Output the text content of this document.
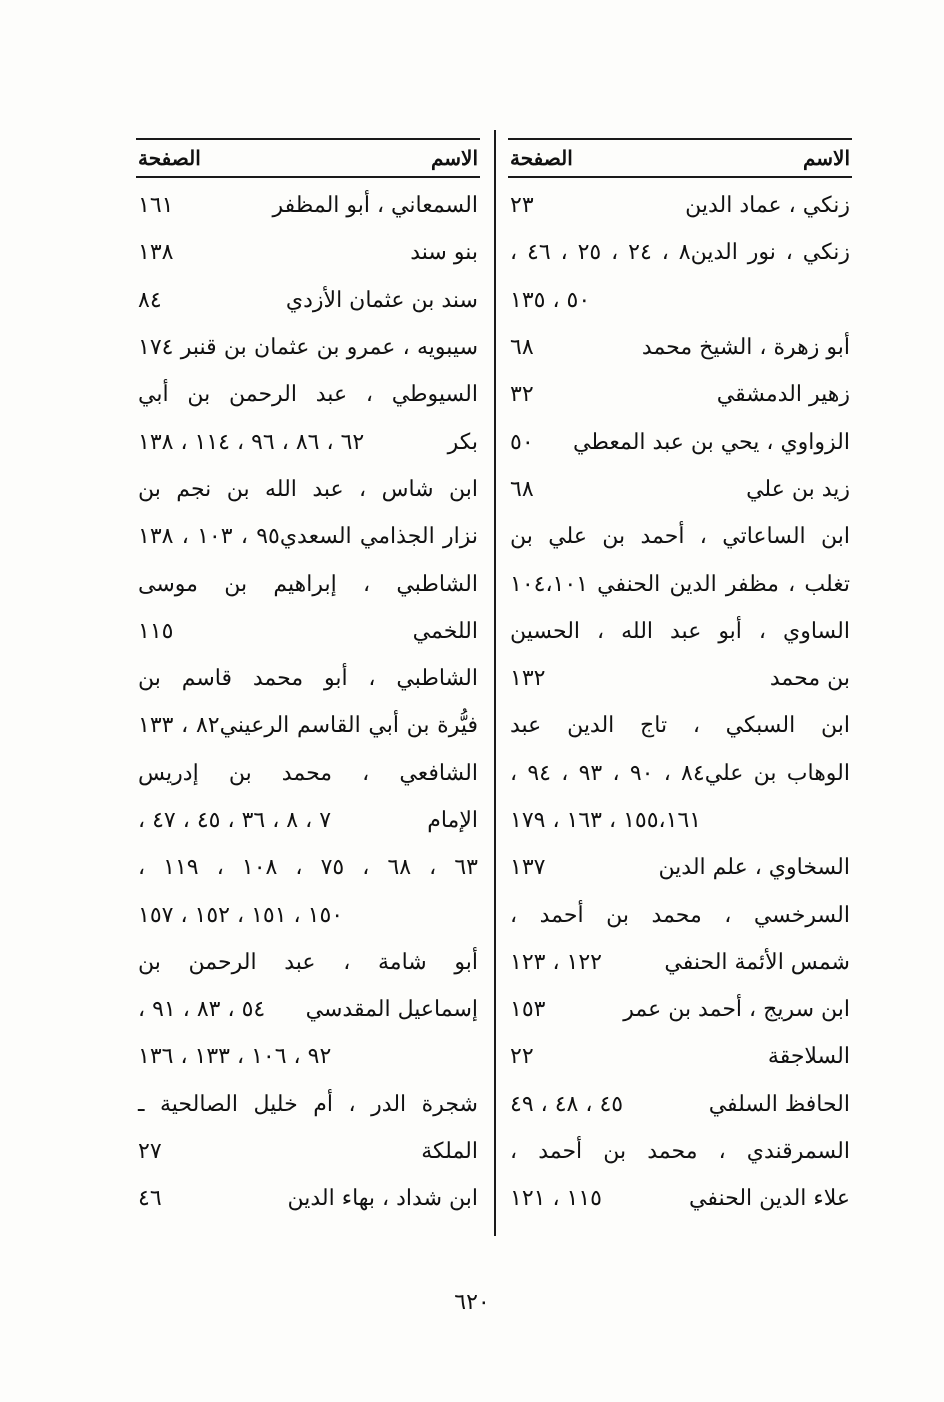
الاسم
الصفحة
زنكي ، عماد الدين
٢٣
زنكي ، نور الدين٨ ، ٢٤ ، ٢٥ ، ٤٦ ،
٥٠ ، ١٣٥
أبو زهرة ، الشيخ محمد
٦٨
زهير الدمشقي
٣٢
الزواوي ، يحي بن عبد المعطي
٥٠
زيد بن علي
٦٨
ابن الساعاتي ، أحمد بن علي بن
تغلب ، مظفر الدين الحنفي ١٠٤،١٠١
الساوي ، أبو عبد الله ، الحسين
بن محمد
١٣٢
ابن السبكي ، تاج الدين عبد
الوهاب بن علي٨٤ ، ٩٠ ، ٩٣ ، ٩٤ ،
١٥٥،١٦١ ، ١٦٣ ، ١٧٩
السخاوي ، علم الدين
١٣٧
السرخسي ، محمد بن أحمد ،
شمس الأئمة الحنفي
١٢٢ ، ١٢٣
ابن سريج ، أحمد بن عمر
١٥٣
السلاجقة
٢٢
الحافظ السلفي
٤٥ ، ٤٨ ، ٤٩
السمرقندي ، محمد بن أحمد ،
علاء الدين الحنفي
١١٥ ، ١٢١
الاسم
الصفحة
السمعاني ، أبو المظفر
١٦١
بنو سند
١٣٨
سند بن عثمان الأزدي
٨٤
سيبويه ، عمرو بن عثمان بن قنبر ١٧٤
السيوطي ، عبد الرحمن بن أبي
بكر
٦٢ ، ٨٦ ، ٩٦ ، ١١٤ ، ١٣٨
ابن شاس ، عبد الله بن نجم بن
نزار الجذامي السعدي٩٥ ، ١٠٣ ، ١٣٨
الشاطبي ، إبراهيم بن موسى
اللخمي
١١٥
الشاطبي ، أبو محمد قاسم بن
فيُّرة بن أبي القاسم الرعيني٨٢ ، ١٣٣
الشافعي ، محمد بن إدريس
الإمام
٧ ، ٨ ، ٣٦ ، ٤٥ ، ٤٧ ،
٦٣ ، ٦٨ ، ٧٥ ، ١٠٨ ، ١١٩ ،
١٥٠ ، ١٥١ ، ١٥٢ ، ١٥٧
أبو شامة ، عبد الرحمن بن
إسماعيل المقدسي
٥٤ ، ٨٣ ، ٩١ ،
٩٢ ، ١٠٦ ، ١٣٣ ، ١٣٦
شجرة الدر ، أم خليل الصالحية ـ
الملكة
٢٧
ابن شداد ، بهاء الدين
٤٦
٦٢٠
